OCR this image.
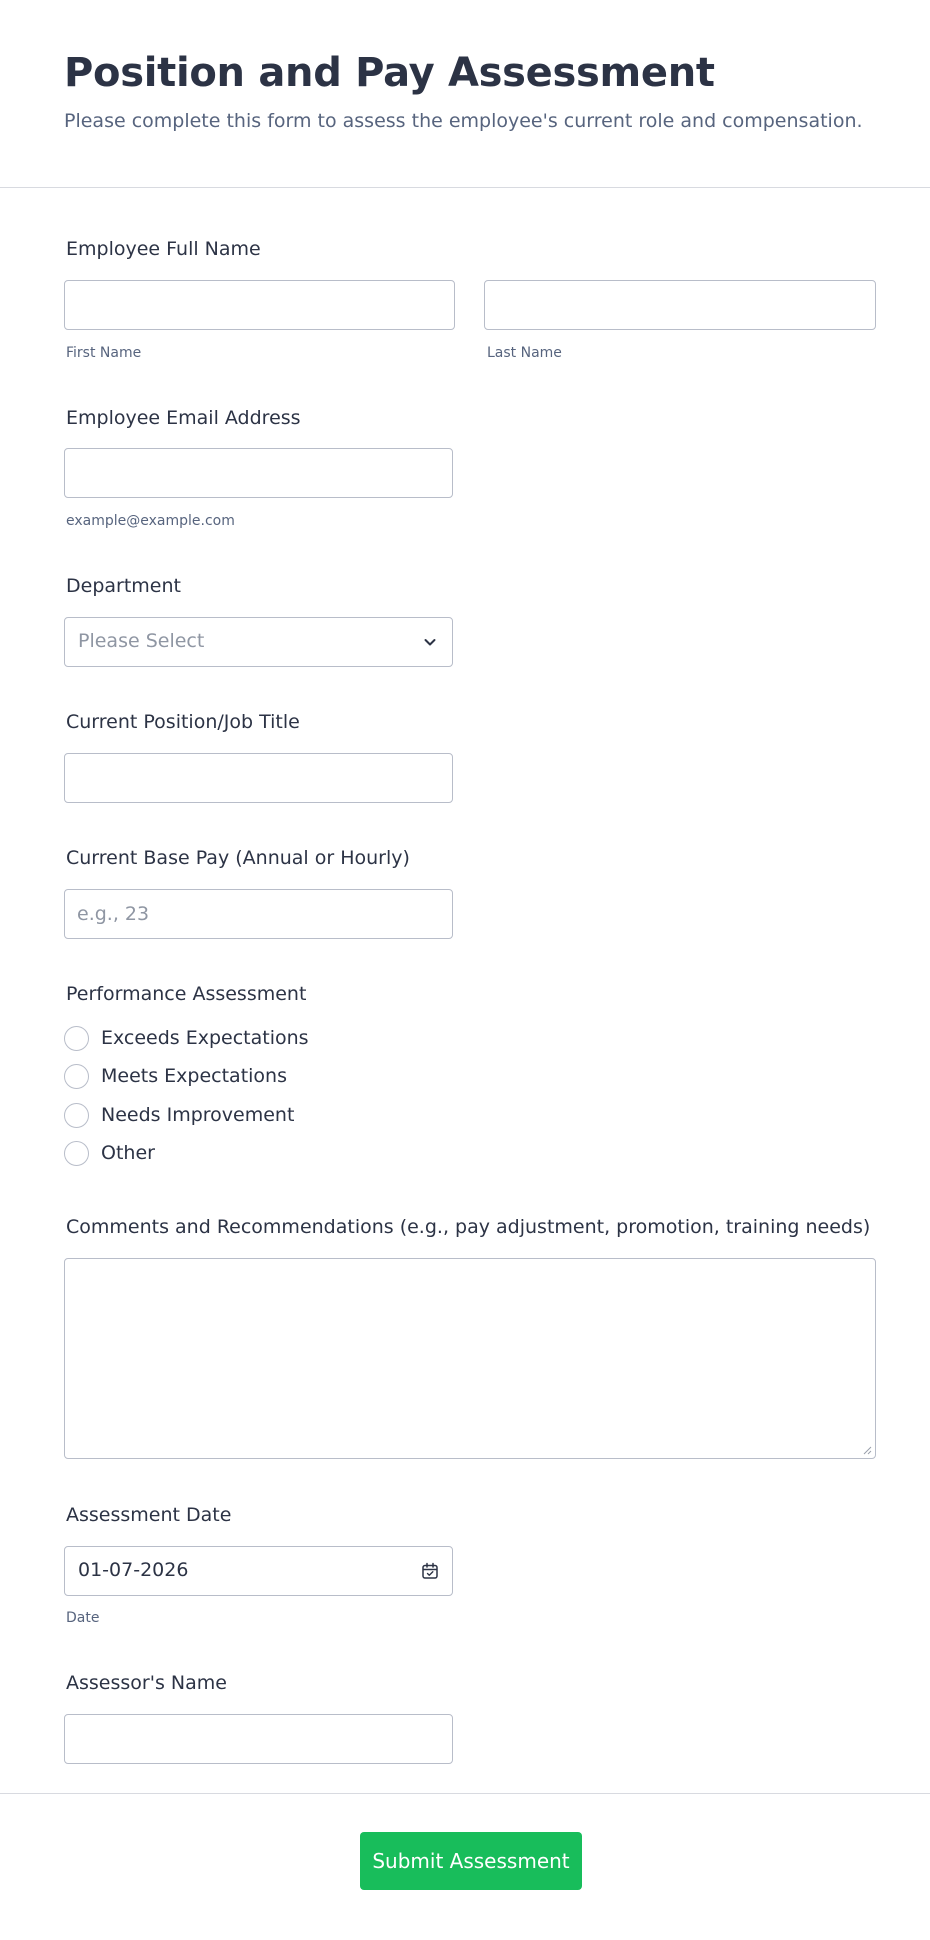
Position and Pay Assessment
Please complete this form to assess the employee's current role and compensation.
Employee Full Name
First Name	Last Name
Employee Email Address
example@example.com
Department
Please Select
Current Position/Job Title
Current Base Pay (Annual or Hourly)
e.g., 23
Performance Assessment
Exceeds Expectations
Meets Expectations
Needs Improvement
Other
Comments and Recommendations (e.g., pay adjustment, promotion, training needs)
Assessment Date
01-07-2026
Date
Assessor's Name
Submit Assessment
